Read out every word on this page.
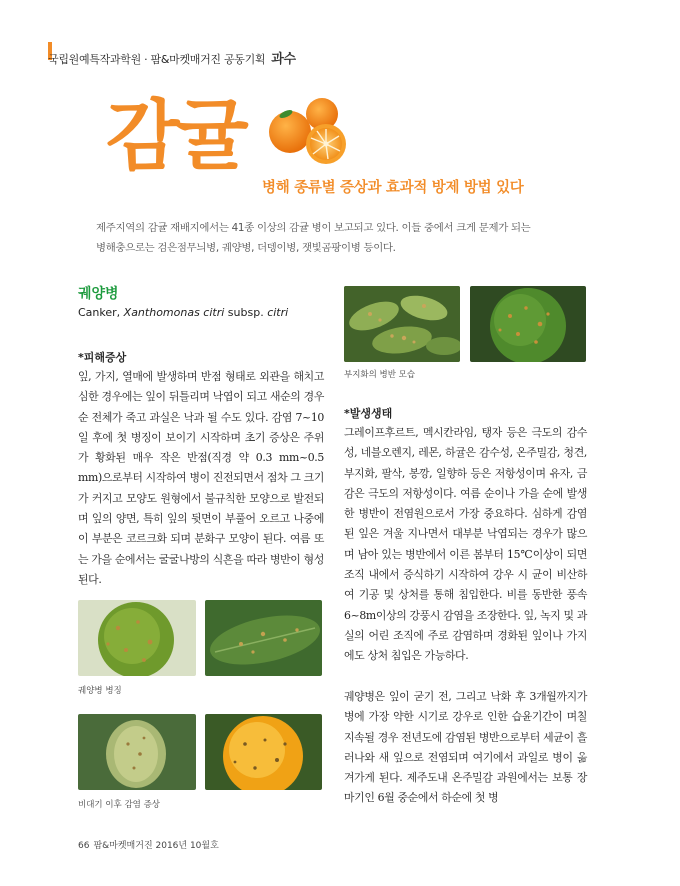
국립원예특작과학원 · 팜&마켓매거진 공동기획 과수
감귤
병해 종류별 증상과 효과적 방제 방법 있다
제주지역의 감귤 재배지에서는 41종 이상의 감귤 병이 보고되고 있다. 이들 중에서 크게 문제가 되는
병해충으로는 검은점무늬병, 궤양병, 더뎅이병, 잿빛곰팡이병 등이다.
궤양병
Canker, Xanthomonas citri subsp. citri
*피해증상
잎, 가지, 열매에 발생하며 반점 형태로 외관을 해치고 심한 경우에는 잎이 뒤틀리며 낙엽이 되고 새순의 경우 순 전체가 죽고 과실은 낙과 될 수도 있다. 감염 7~10일 후에 첫 병징이 보이기 시작하며 초기 증상은 주위가 황화된 매우 작은 반점(직경 약 0.3 mm~0.5 mm)으로부터 시작하여 병이 진전되면서 점차 그 크기가 커지고 모양도 원형에서 불규칙한 모양으로 발전되며 잎의 양면, 특히 잎의 뒷면이 부풀어 오르고 나중에 이 부분은 코르크화 되며 분화구 모양이 된다. 여름 또는 가을 순에서는 굴굴나방의 식흔을 따라 병반이 형성된다.
부지화의 병반 모습
*발생생태
그레이프후르트, 멕시칸라임, 탱자 등은 극도의 감수성, 네블오렌지, 레몬, 하귤은 감수성, 온주밀감, 청견, 부지화, 팔삭, 봉깡, 일향하 등은 저항성이며 유자, 금감은 극도의 저항성이다. 여름 순이나 가을 순에 발생한 병반이 전염원으로서 가장 중요하다. 심하게 감염된 잎은 겨울 지나면서 대부분 낙엽되는 경우가 많으며 남아 있는 병반에서 이른 봄부터 15℃이상이 되면 조직 내에서 증식하기 시작하여 강우 시 균이 비산하여 기공 및 상처를 통해 침입한다. 비를 동반한 풍속 6~8m이상의 강풍시 감염을 조장한다. 잎, 녹지 및 과실의 어린 조직에 주로 감염하며 경화된 잎이나 가지에도 상처 침입은 가능하다.
궤양병은 잎이 굳기 전, 그리고 낙화 후 3개월까지가 병에 가장 약한 시기로 강우로 인한 습윤기간이 며칠 지속될 경우 전년도에 감염된 병반으로부터 세균이 흘러나와 새 잎으로 전염되며 여기에서 과일로 병이 옮겨가게 된다. 제주도내 온주밀감 과원에서는 보통 장마기인 6월 중순에서 하순에 첫 병
궤양병 병징
비대기 이후 감염 증상
66 팜&마켓매거진 2016년 10월호
